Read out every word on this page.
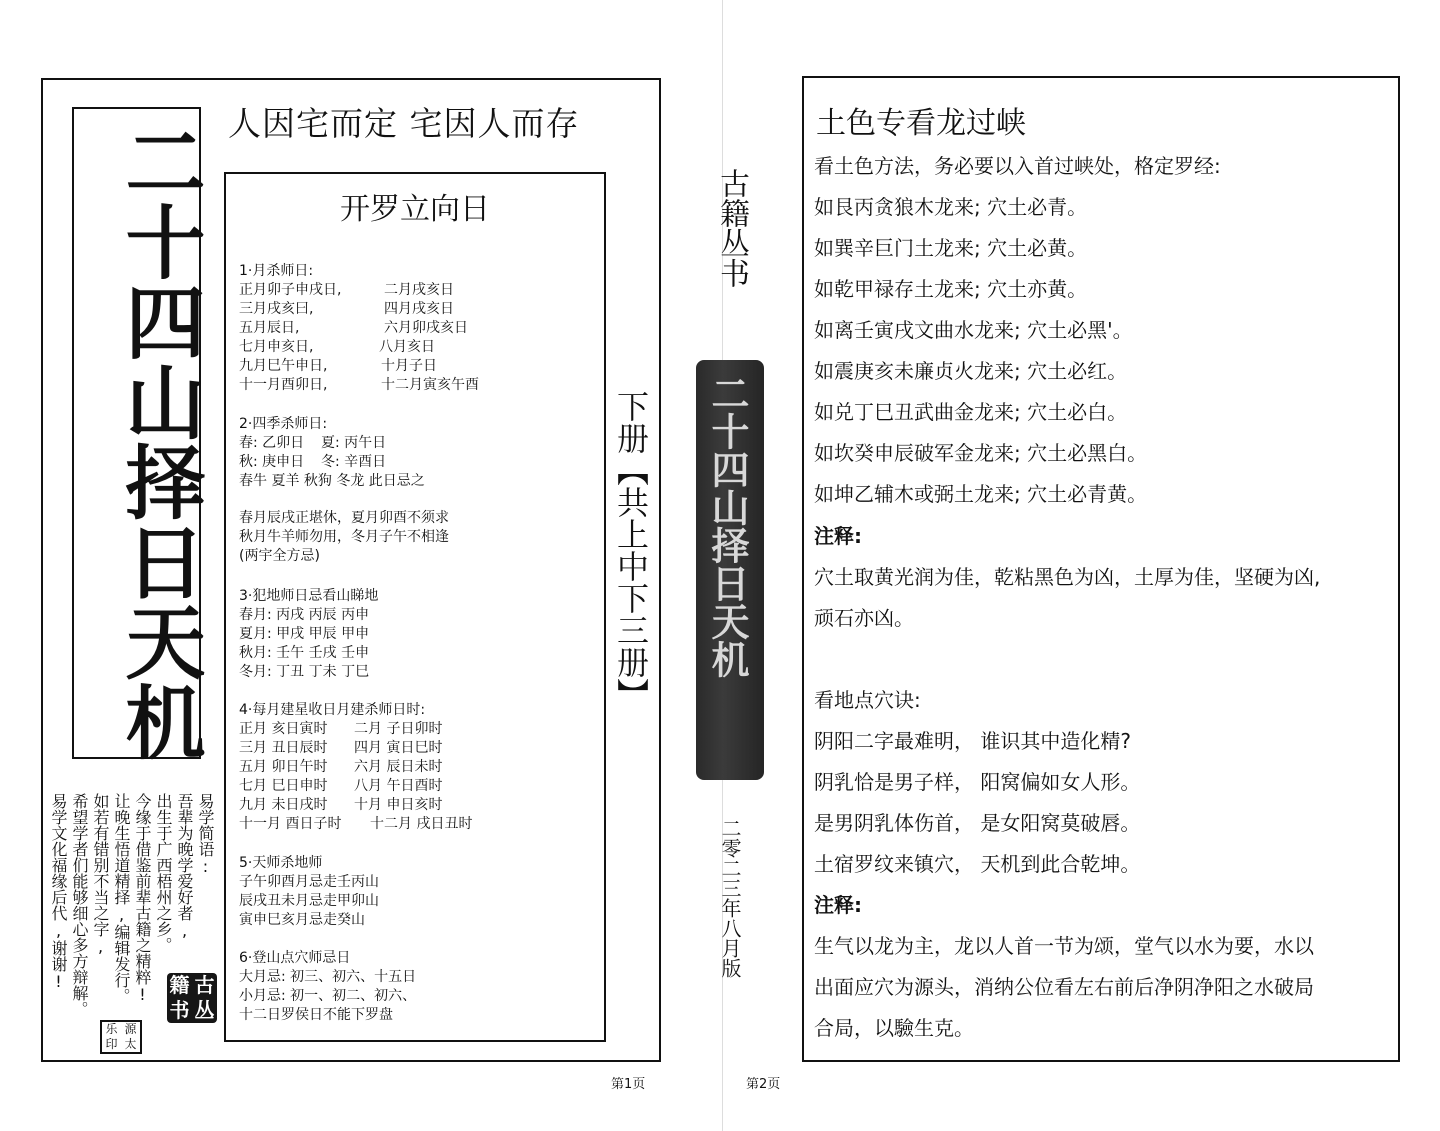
二十四山择日天机 人因宅而定 宅因人而存
开罗立向日
1·月杀师日:
正月卯子申戌日,	二月戌亥日
三月戌亥曰,	四月戌亥日
五月辰日,	六月卯戌亥日
七月申亥日,	八月亥日
九月巳午申日,	十月子日
十一月酉卯日,	十二月寅亥午酉
2·四季杀师日:
春: 乙卯日	夏: 丙午日
秋: 庚申日	冬: 辛酉日
春牛 夏羊 秋狗 冬龙 此日忌之
春月辰戌正堪休，夏月卯酉不须求
秋月牛羊师勿用，冬月子午不相逢
(两宇全方忌)
3·犯地师日忌看山睇地
春月: 丙戌 丙辰 丙申
夏月: 甲戌 甲辰 甲申
秋月: 壬午 壬戌 壬申
冬月: 丁丑 丁未 丁巳
4·每月建星收日月建杀师日时:
正月 亥日寅时	二月 子日卯时
三月 丑日辰时	四月 寅日巳时
五月 卯日午时	六月 辰日未时
七月 巳日申时	八月 午日酉时
九月 未日戌时	十月 申日亥时
十一月 酉日子时	十二月 戌日丑时
5·天师杀地师
子午卯酉月忌走壬丙山
辰戌丑未月忌走甲卯山
寅申巳亥月忌走癸山
6·登山点穴师忌日
大月忌: 初三、初六、十五日
小月忌: 初一、初二、初六、
十二日罗侯日不能下罗盘
下册【共上中下三册】
易学简语:
吾辈为晚学爱好者,
出生于广西梧州之乡。
今缘于借鉴前辈古籍之精粹!
让晚生悟道精择,编辑发行。
如若有错别不当之字,
希望学者们能够细心多方辩解。
易学文化福缘后代,谢谢!	籍 古
书 丛
乐 源
印 太
第1页
古籍丛书
二十四山择日天机
二零二三年八月版
第2页
土色专看龙过峡
看土色方法，务必要以入首过峡处，格定罗经:
如艮丙贪狼木龙来; 穴土必青。
如巽辛巨门土龙来; 穴土必黄。
如乾甲禄存土龙来; 穴土亦黄。
如离壬寅戌文曲水龙来; 穴土必黑'。
如震庚亥未廉贞火龙来; 穴土必红。
如兑丁巳丑武曲金龙来; 穴土必白。
如坎癸申辰破军金龙来; 穴土必黑白。
如坤乙辅木或弼土龙来; 穴土必青黄。
注释:
穴土取黄光润为佳，乾粘黑色为凶，土厚为佳，坚硬为凶,
顽石亦凶。
看地点穴诀:
阴阳二字最难明， 谁识其中造化精?
阴乳恰是男子样， 阳窝偏如女人形。
是男阴乳体伤首， 是女阳窝莫破唇。
土宿罗纹来镇穴， 天机到此合乾坤。
注释:
生气以龙为主，龙以人首一节为颂，堂气以水为要，水以
出面应穴为源头，消纳公位看左右前后净阴净阳之水破局
合局，以驗生克。
